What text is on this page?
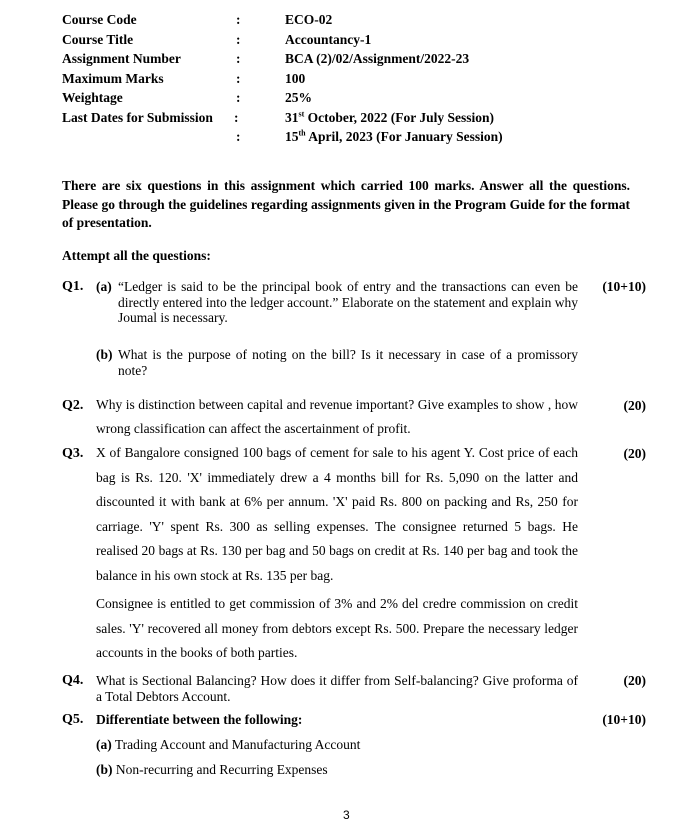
Course Code	:	ECO-02
Course Title	:	Accountancy-1
Assignment Number	:	BCA (2)/02/Assignment/2022-23
Maximum Marks	:	100
Weightage	:	25%
Last Dates for Submission :	31st October, 2022 (For July Session)
:	15th April, 2023 (For January Session)
There are six questions in this assignment which carried 100 marks. Answer all the questions. Please go through the guidelines regarding assignments given in the Program Guide for the format of presentation.
Attempt all the questions:
Q1. (a) “Ledger is said to be the principal book of entry and the transactions can even be directly entered into the ledger account.” Elaborate on the statement and explain why Joumal is necessary.
(10+10)
(b) What is the purpose of noting on the bill? Is it necessary in case of a promissory note?
Q2. Why is distinction between capital and revenue important? Give examples to show , how wrong classification can affect the ascertainment of profit.
(20)
Q3. X of Bangalore consigned 100 bags of cement for sale to his agent Y. Cost price of each bag is Rs. 120. 'X' immediately drew a 4 months bill for Rs. 5,090 on the latter and discounted it with bank at 6% per annum. 'X' paid Rs. 800 on packing and Rs, 250 for carriage. 'Y' spent Rs. 300 as selling expenses. The consignee returned 5 bags. He realised 20 bags at Rs. 130 per bag and 50 bags on credit at Rs. 140 per bag and took the balance in his own stock at Rs. 135 per bag.
Consignee is entitled to get commission of 3% and 2% del credre commission on credit sales. 'Y' recovered all money from debtors except Rs. 500. Prepare the necessary ledger accounts in the books of both parties.
(20)
Q4. What is Sectional Balancing? How does it differ from Self-balancing? Give proforma of a Total Debtors Account.
(20)
Q5. Differentiate between the following:	(10+10)
(a) Trading Account and Manufacturing Account
(b) Non-recurring and Recurring Expenses
3
